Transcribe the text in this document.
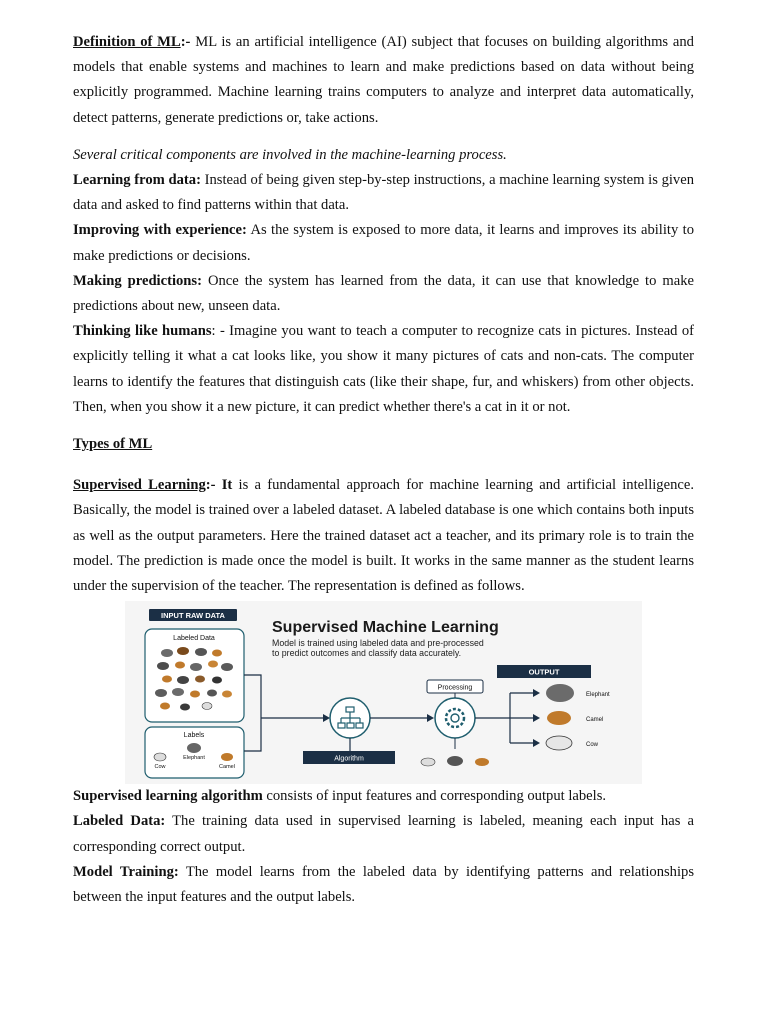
Definition of ML:- ML is an artificial intelligence (AI) subject that focuses on building algorithms and models that enable systems and machines to learn and make predictions based on data without being explicitly programmed. Machine learning trains computers to analyze and interpret data automatically, detect patterns, generate predictions or, take actions.

Several critical components are involved in the machine-learning process.

Learning from data: Instead of being given step-by-step instructions, a machine learning system is given data and asked to find patterns within that data.

Improving with experience: As the system is exposed to more data, it learns and improves its ability to make predictions or decisions.

Making predictions: Once the system has learned from the data, it can use that knowledge to make predictions about new, unseen data.

Thinking like humans: - Imagine you want to teach a computer to recognize cats in pictures. Instead of explicitly telling it what a cat looks like, you show it many pictures of cats and non-cats. The computer learns to identify the features that distinguish cats (like their shape, fur, and whiskers) from other objects. Then, when you show it a new picture, it can predict whether there's a cat in it or not.

Types of ML

Supervised Learning:- It is a fundamental approach for machine learning and artificial intelligence. Basically, the model is trained over a labeled dataset. A labeled database is one which contains both inputs as well as the output parameters. Here the trained dataset act a teacher, and its primary role is to train the model. The prediction is made once the model is built. It works in the same manner as the student learns under the supervision of the teacher. The representation is defined as follows.

INPUT RAW DATA
Supervised Machine Learning
Model is trained using labeled data and pre-processed
to predict outcomes and classify data accurately.
Labeled Data
Labels
Cow
Elephant
Camel
Algorithm
Processing
OUTPUT
Elephant
Camel
Cow

Supervised learning algorithm consists of input features and corresponding output labels.

Labeled Data: The training data used in supervised learning is labeled, meaning each input has a corresponding correct output.

Model Training: The model learns from the labeled data by identifying patterns and relationships between the input features and the output labels.
